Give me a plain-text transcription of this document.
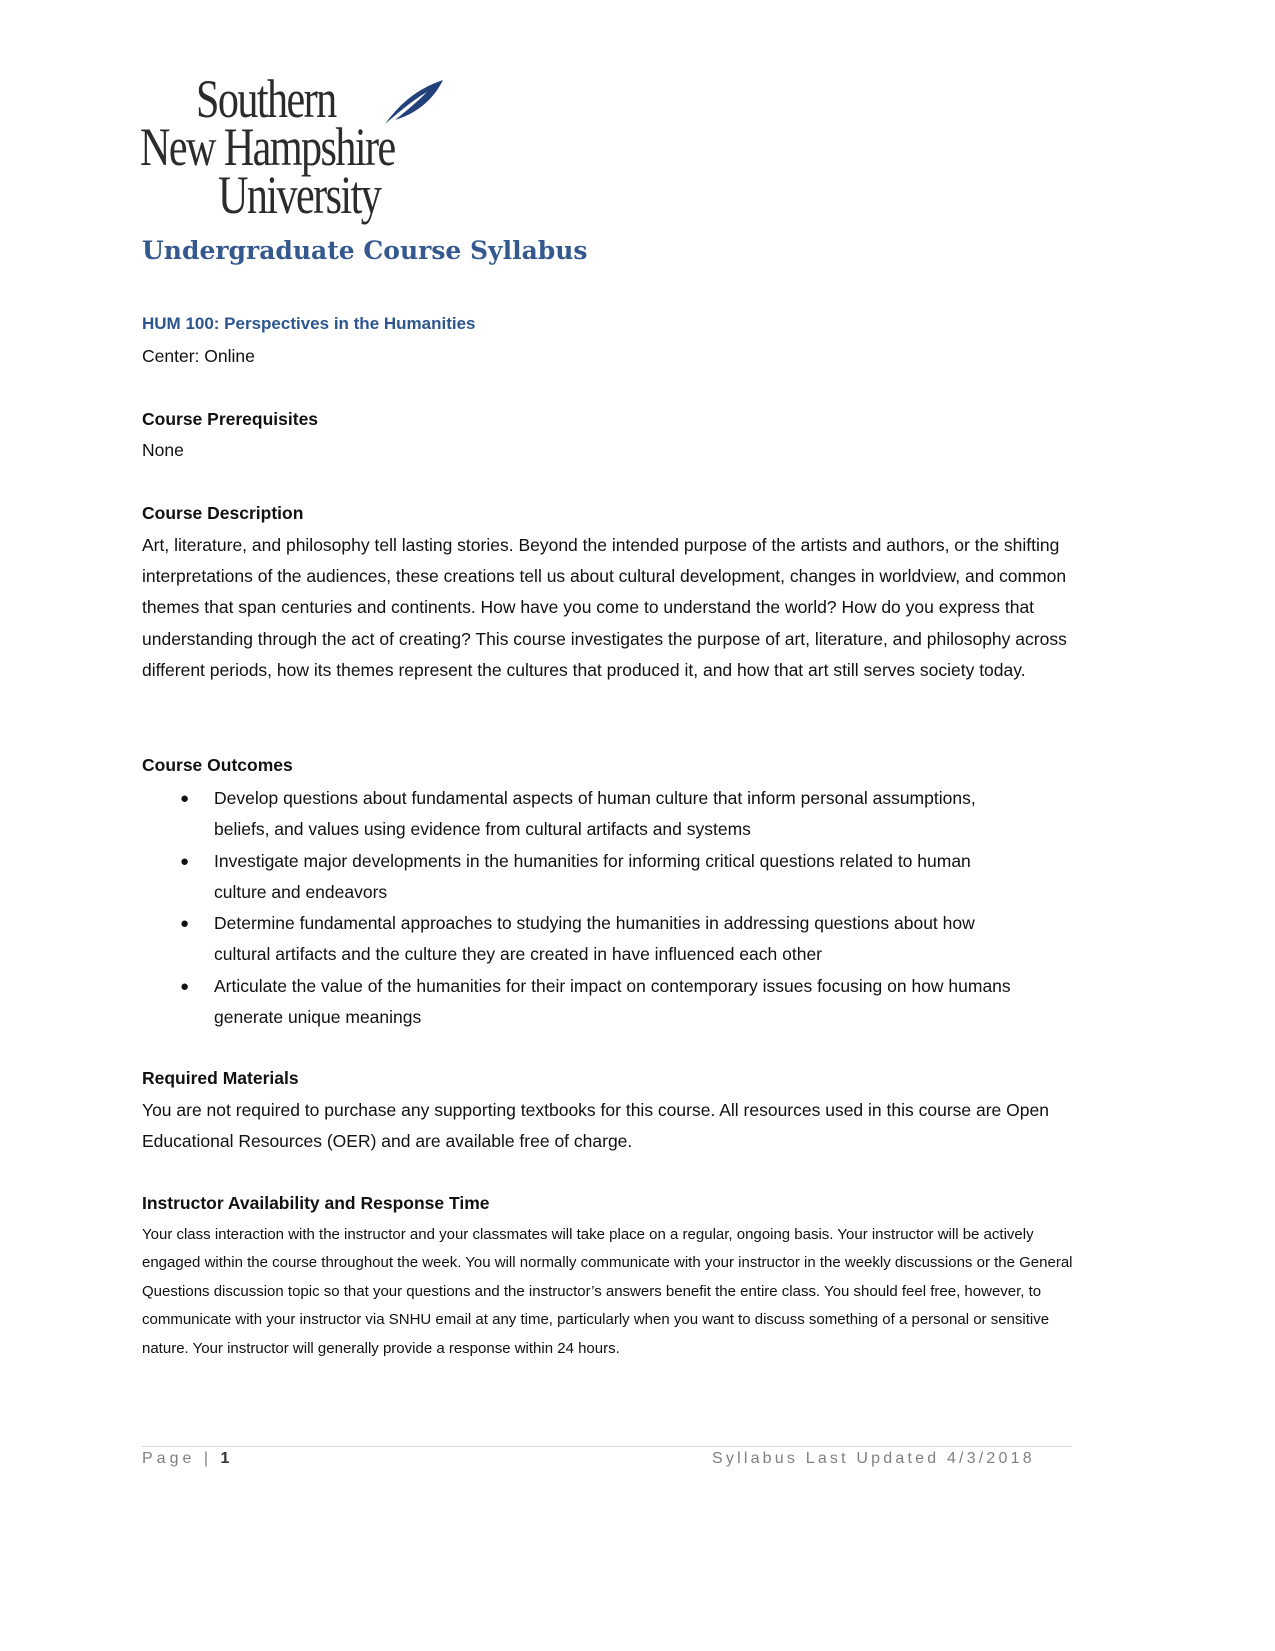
Southern
New Hampshire
University
Undergraduate Course Syllabus
HUM 100: Perspectives in the Humanities
Center: Online
Course Prerequisites
None
Course Description

Art, literature, and philosophy tell lasting stories. Beyond the intended purpose of the artists and authors, or the shifting interpretations of the audiences, these creations tell us about cultural development, changes in worldview, and common themes that span centuries and continents. How have you come to understand the world? How do you express that understanding through the act of creating? This course investigates the purpose of art, literature, and philosophy across different periods, how its themes represent the cultures that produced it, and how that art still serves society today.

Course Outcomes
● Develop questions about fundamental aspects of human culture that inform personal assumptions, beliefs, and values using evidence from cultural artifacts and systems
● Investigate major developments in the humanities for informing critical questions related to human culture and endeavors
● Determine fundamental approaches to studying the humanities in addressing questions about how cultural artifacts and the culture they are created in have influenced each other
● Articulate the value of the humanities for their impact on contemporary issues focusing on how humans generate unique meanings
Required Materials

You are not required to purchase any supporting textbooks for this course. All resources used in this course are Open Educational Resources (OER) and are available free of charge.

Instructor Availability and Response Time

Your class interaction with the instructor and your classmates will take place on a regular, ongoing basis. Your instructor will be actively engaged within the course throughout the week. You will normally communicate with your instructor in the weekly discussions or the General Questions discussion topic so that your questions and the instructor’s answers benefit the entire class. You should feel free, however, to communicate with your instructor via SNHU email at any time, particularly when you want to discuss something of a personal or sensitive nature. Your instructor will generally provide a response within 24 hours.

Page | 1	Syllabus Last Updated 4/3/2018
